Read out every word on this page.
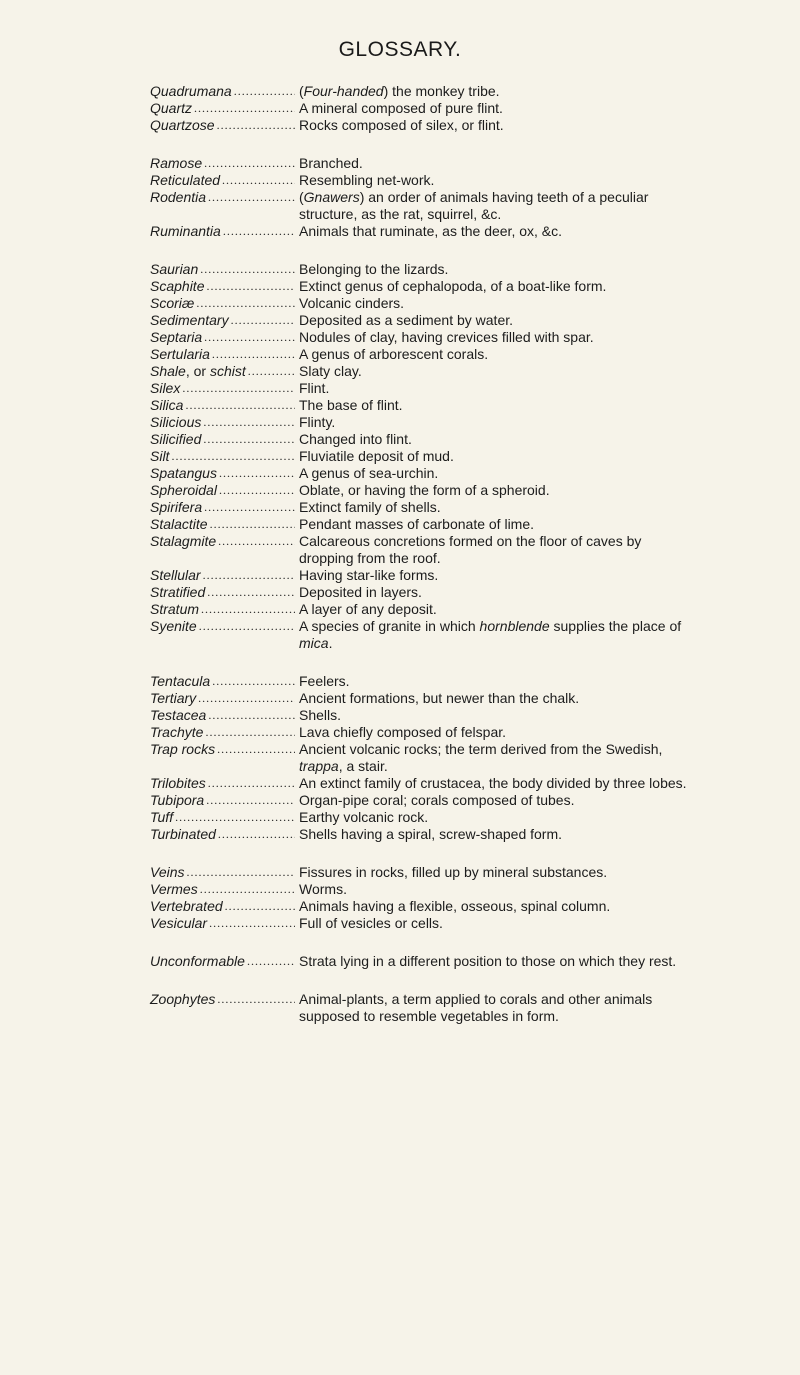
GLOSSARY.
Quadrumana .....	(Four-handed) the monkey tribe.
Quartz .....	A mineral composed of pure flint.
Quartzose .....	Rocks composed of silex, or flint.
Ramose .....	Branched.
Reticulated .....	Resembling net-work.
Rodentia .....	(Gnawers) an order of animals having teeth of a peculiar structure, as the rat, squirrel, &c.
Ruminantia .....	Animals that ruminate, as the deer, ox, &c.
Saurian .....	Belonging to the lizards.
Scaphite .....	Extinct genus of cephalopoda, of a boat-like form.
Scoriæ .....	Volcanic cinders.
Sedimentary .....	Deposited as a sediment by water.
Septaria .....	Nodules of clay, having crevices filled with spar.
Sertularia .....	A genus of arborescent corals.
Shale, or schist .....	Slaty clay.
Silex .....	Flint.
Silica .....	The base of flint.
Silicious .....	Flinty.
Silicified .....	Changed into flint.
Silt .....	Fluviatile deposit of mud.
Spatangus .....	A genus of sea-urchin.
Spheroidal .....	Oblate, or having the form of a spheroid.
Spirifera .....	Extinct family of shells.
Stalactite .....	Pendant masses of carbonate of lime.
Stalagmite .....	Calcareous concretions formed on the floor of caves by dropping from the roof.
Stellular .....	Having star-like forms.
Stratified .....	Deposited in layers.
Stratum .....	A layer of any deposit.
Syenite .....	A species of granite in which hornblende supplies the place of mica.
Tentacula .....	Feelers.
Tertiary .....	Ancient formations, but newer than the chalk.
Testacea .....	Shells.
Trachyte .....	Lava chiefly composed of felspar.
Trap rocks .....	Ancient volcanic rocks; the term derived from the Swedish, trappa, a stair.
Trilobites .....	An extinct family of crustacea, the body divided by three lobes.
Tubipora .....	Organ-pipe coral; corals composed of tubes.
Tuff .....	Earthy volcanic rock.
Turbinated .....	Shells having a spiral, screw-shaped form.
Veins .....	Fissures in rocks, filled up by mineral substances.
Vermes .....	Worms.
Vertebrated .....	Animals having a flexible, osseous, spinal column.
Vesicular .....	Full of vesicles or cells.
Unconformable .....	Strata lying in a different position to those on which they rest.
Zoophytes .....	Animal-plants, a term applied to corals and other animals supposed to resemble vegetables in form.
